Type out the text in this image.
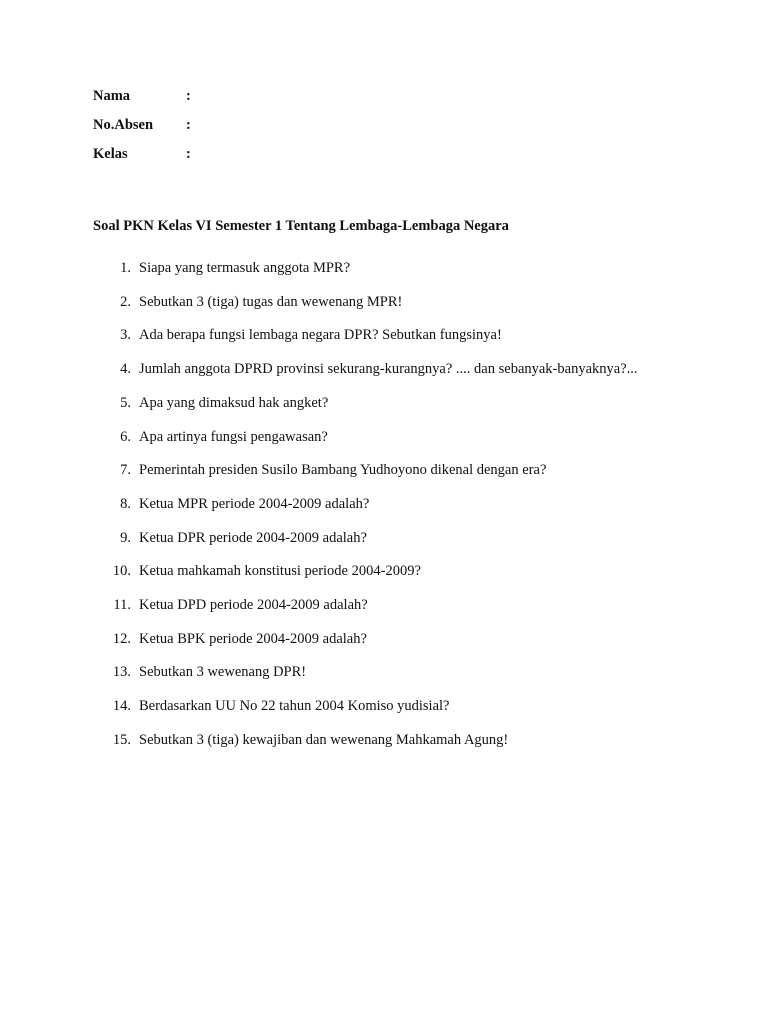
Nama	:
No.Absen :
Kelas	:
Soal PKN Kelas VI Semester 1 Tentang Lembaga-Lembaga Negara
1. Siapa yang termasuk anggota MPR?
2. Sebutkan 3 (tiga) tugas dan wewenang MPR!
3. Ada berapa fungsi lembaga negara DPR? Sebutkan fungsinya!
4. Jumlah anggota DPRD provinsi sekurang-kurangnya? .... dan sebanyak-banyaknya?...
5. Apa yang dimaksud hak angket?
6. Apa artinya fungsi pengawasan?
7. Pemerintah presiden Susilo Bambang Yudhoyono dikenal dengan era?
8. Ketua MPR periode 2004-2009 adalah?
9. Ketua DPR periode 2004-2009 adalah?
10. Ketua mahkamah konstitusi periode 2004-2009?
11. Ketua DPD periode 2004-2009 adalah?
12. Ketua BPK periode 2004-2009 adalah?
13. Sebutkan 3 wewenang DPR!
14. Berdasarkan UU No 22 tahun 2004 Komiso yudisial?
15. Sebutkan 3 (tiga) kewajiban dan wewenang Mahkamah Agung!
